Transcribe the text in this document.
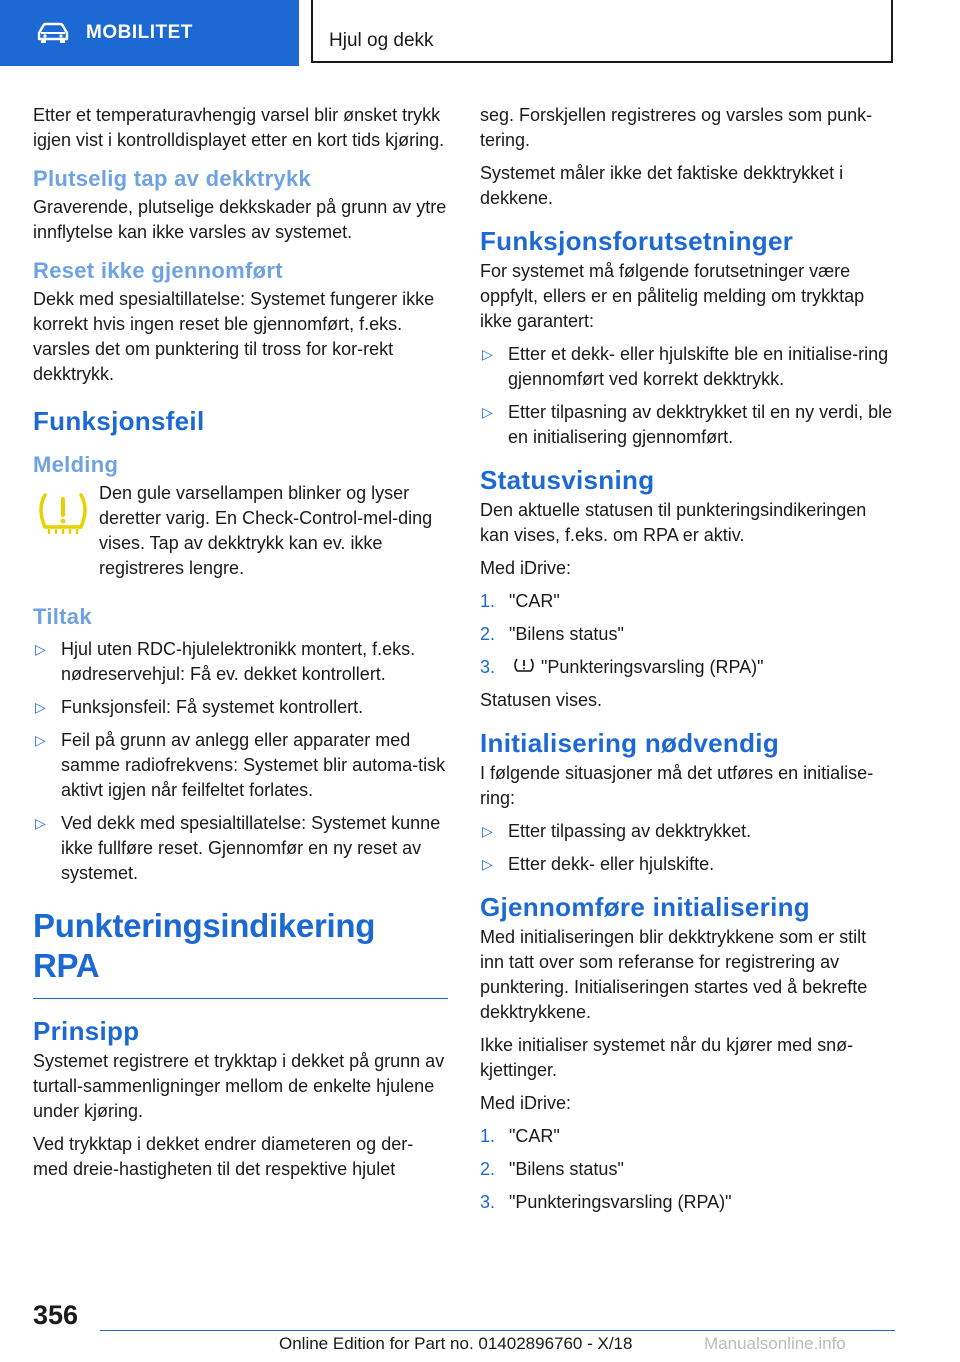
MOBILITET	Hjul og dekk

Etter et temperaturavhengig varsel blir ønsket trykk igjen vist i kontrolldisplayet etter en kort tids kjøring.

Plutselig tap av dekktrykk

Graverende, plutselige dekkskader på grunn av ytre innflytelse kan ikke varsles av systemet.

Reset ikke gjennomført

Dekk med spesialtillatelse: Systemet fungerer ikke korrekt hvis ingen reset ble gjennomført, f.eks. varsles det om punktering til tross for kor‐rekt dekktrykk.

Funksjonsfeil
Melding

Den gule varsellampen blinker og lyser deretter varig. En Check-Control-mel‐ding vises. Tap av dekktrykk kan ev. ikke registreres lengre.

Tiltak
▷ Hjul uten RDC-hjulelektronikk montert, f.eks. nødreservehjul: Få ev. dekket kontrollert.
▷ Funksjonsfeil: Få systemet kontrollert.
▷ Feil på grunn av anlegg eller apparater med samme radiofrekvens: Systemet blir automa‐tisk aktivt igjen når feilfeltet forlates.
▷ Ved dekk med spesialtillatelse: Systemet kunne ikke fullføre reset. Gjennomfør en ny reset av systemet.
Punkteringsindikering RPA
Prinsipp

Systemet registrere et trykktap i dekket på grunn av turtall-sammenligninger mellom de enkelte hjulene under kjøring.

Ved trykktap i dekket endrer diameteren og der‐med dreie-hastigheten til det respektive hjulet

seg. Forskjellen registreres og varsles som punk‐tering.

Systemet måler ikke det faktiske dekktrykket i dekkene.

Funksjonsforutsetninger

For systemet må følgende forutsetninger være oppfylt, ellers er en pålitelig melding om trykktap ikke garantert:

▷ Etter et dekk- eller hjulskifte ble en initialise‐ring gjennomført ved korrekt dekktrykk.
▷ Etter tilpasning av dekktrykket til en ny verdi, ble en initialisering gjennomført.
Statusvisning

Den aktuelle statusen til punkteringsindikeringen kan vises, f.eks. om RPA er aktiv.

Med iDrive:

1. "CAR"
2. "Bilens status"
3.	"Punkteringsvarsling (RPA)"

Statusen vises.

Initialisering nødvendig

I følgende situasjoner må det utføres en initialise‐ring:

▷ Etter tilpassing av dekktrykket.
▷ Etter dekk- eller hjulskifte.
Gjennomføre initialisering

Med initialiseringen blir dekktrykkene som er stilt inn tatt over som referanse for registrering av punktering. Initialiseringen startes ved å bekrefte dekktrykkene.

Ikke initialiser systemet når du kjører med snø‐kjettinger.

Med iDrive:

1. "CAR"
2. "Bilens status"
3. "Punkteringsvarsling (RPA)"
356
Online Edition for Part no. 01402896760 - X/18	Manualsonline.info
